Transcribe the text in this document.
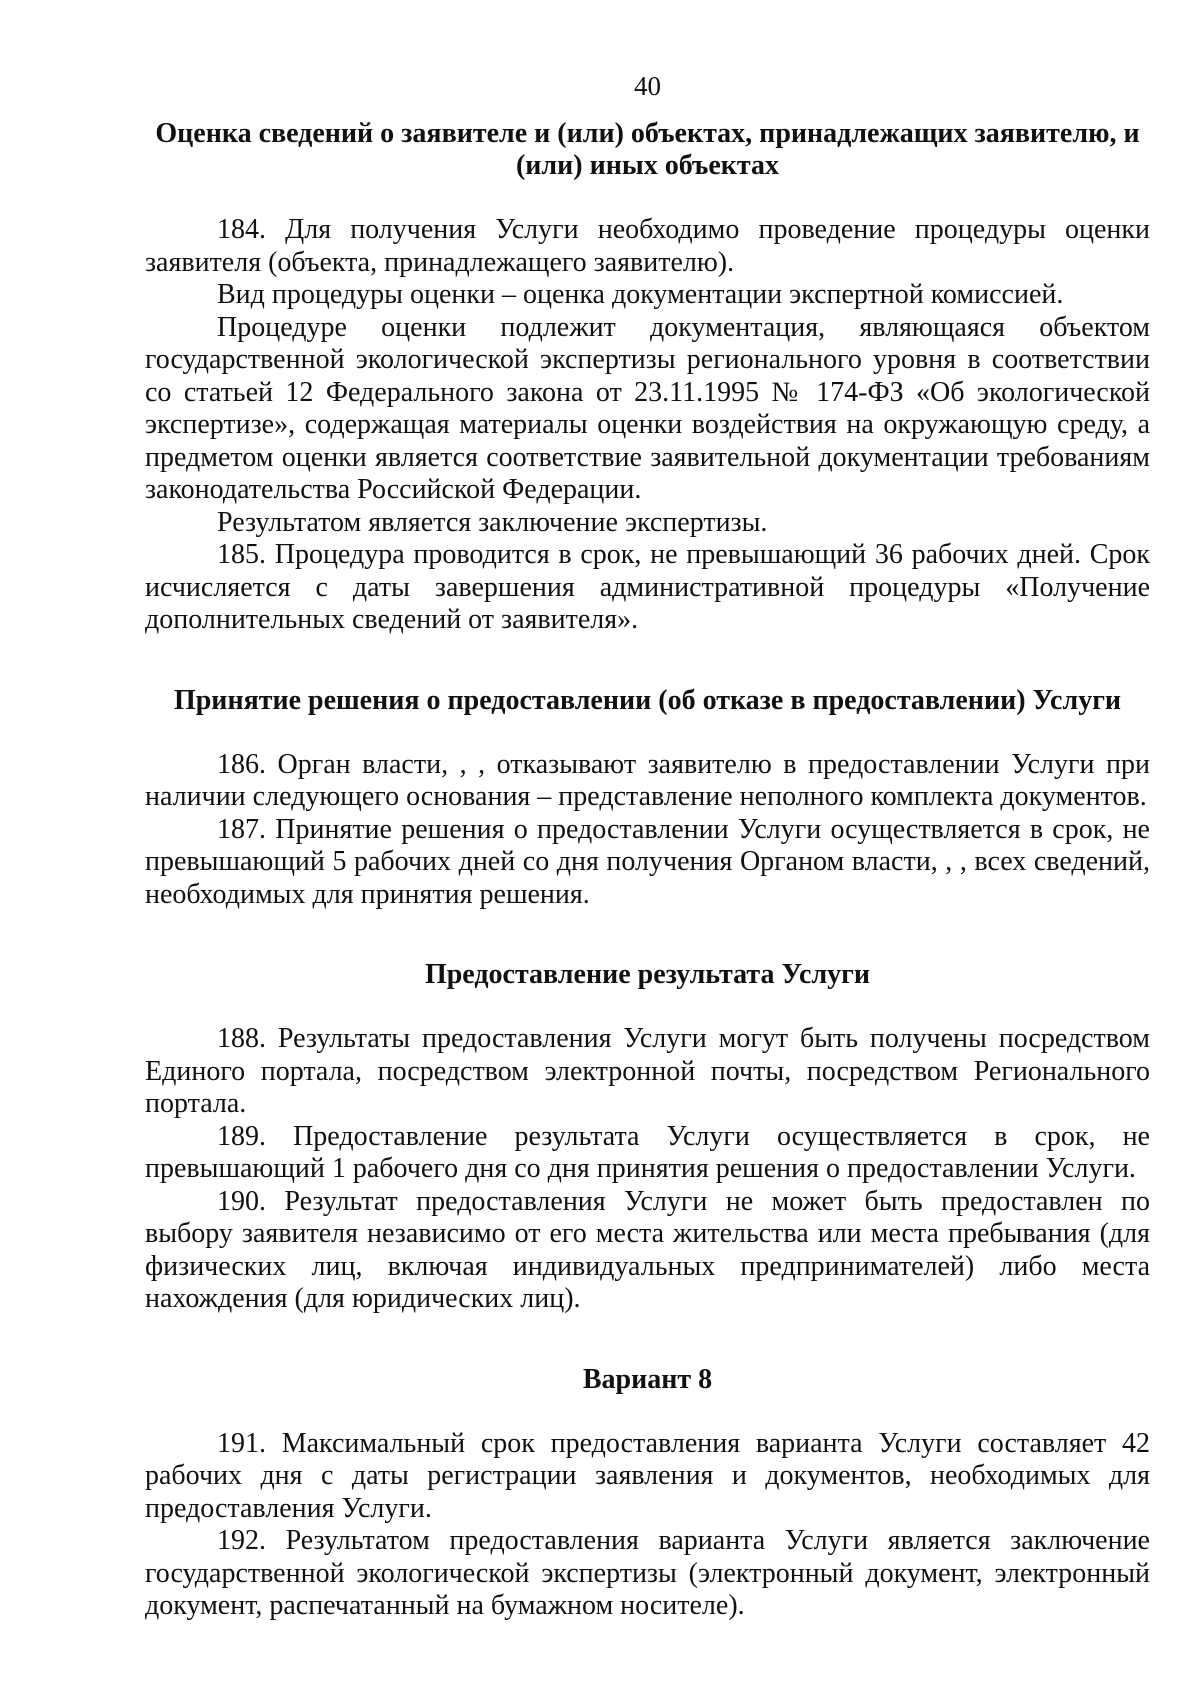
40
Оценка сведений о заявителе и (или) объектах, принадлежащих заявителю, и (или) иных объектах

184. Для получения Услуги необходимо проведение процедуры оценки заявителя (объекта, принадлежащего заявителю).

Вид процедуры оценки – оценка документации экспертной комиссией.

Процедуре оценки подлежит документация, являющаяся объектом государственной экологической экспертизы регионального уровня в соответствии со статьей 12 Федерального закона от 23.11.1995 № 174-ФЗ «Об экологической экспертизе», содержащая материалы оценки воздействия на окружающую среду, а предметом оценки является соответствие заявительной документации требованиям законодательства Российской Федерации.

Результатом является заключение экспертизы.

185. Процедура проводится в срок, не превышающий 36 рабочих дней. Срок исчисляется с даты завершения административной процедуры «Получение дополнительных сведений от заявителя».

Принятие решения о предоставлении (об отказе в предоставлении) Услуги

186. Орган власти, , , отказывают заявителю в предоставлении Услуги при наличии следующего основания – представление неполного комплекта документов.

187. Принятие решения о предоставлении Услуги осуществляется в срок, не превышающий 5 рабочих дней со дня получения Органом власти, , , всех сведений, необходимых для принятия решения.

Предоставление результата Услуги

188. Результаты предоставления Услуги могут быть получены посредством Единого портала, посредством электронной почты, посредством Регионального портала.

189. Предоставление результата Услуги осуществляется в срок, не превышающий 1 рабочего дня со дня принятия решения о предоставлении Услуги.

190. Результат предоставления Услуги не может быть предоставлен по выбору заявителя независимо от его места жительства или места пребывания (для физических лиц, включая индивидуальных предпринимателей) либо места нахождения (для юридических лиц).

Вариант 8

191. Максимальный срок предоставления варианта Услуги составляет 42 рабочих дня с даты регистрации заявления и документов, необходимых для предоставления Услуги.

192. Результатом предоставления варианта Услуги является заключение государственной экологической экспертизы (электронный документ, электронный документ, распечатанный на бумажном носителе).
